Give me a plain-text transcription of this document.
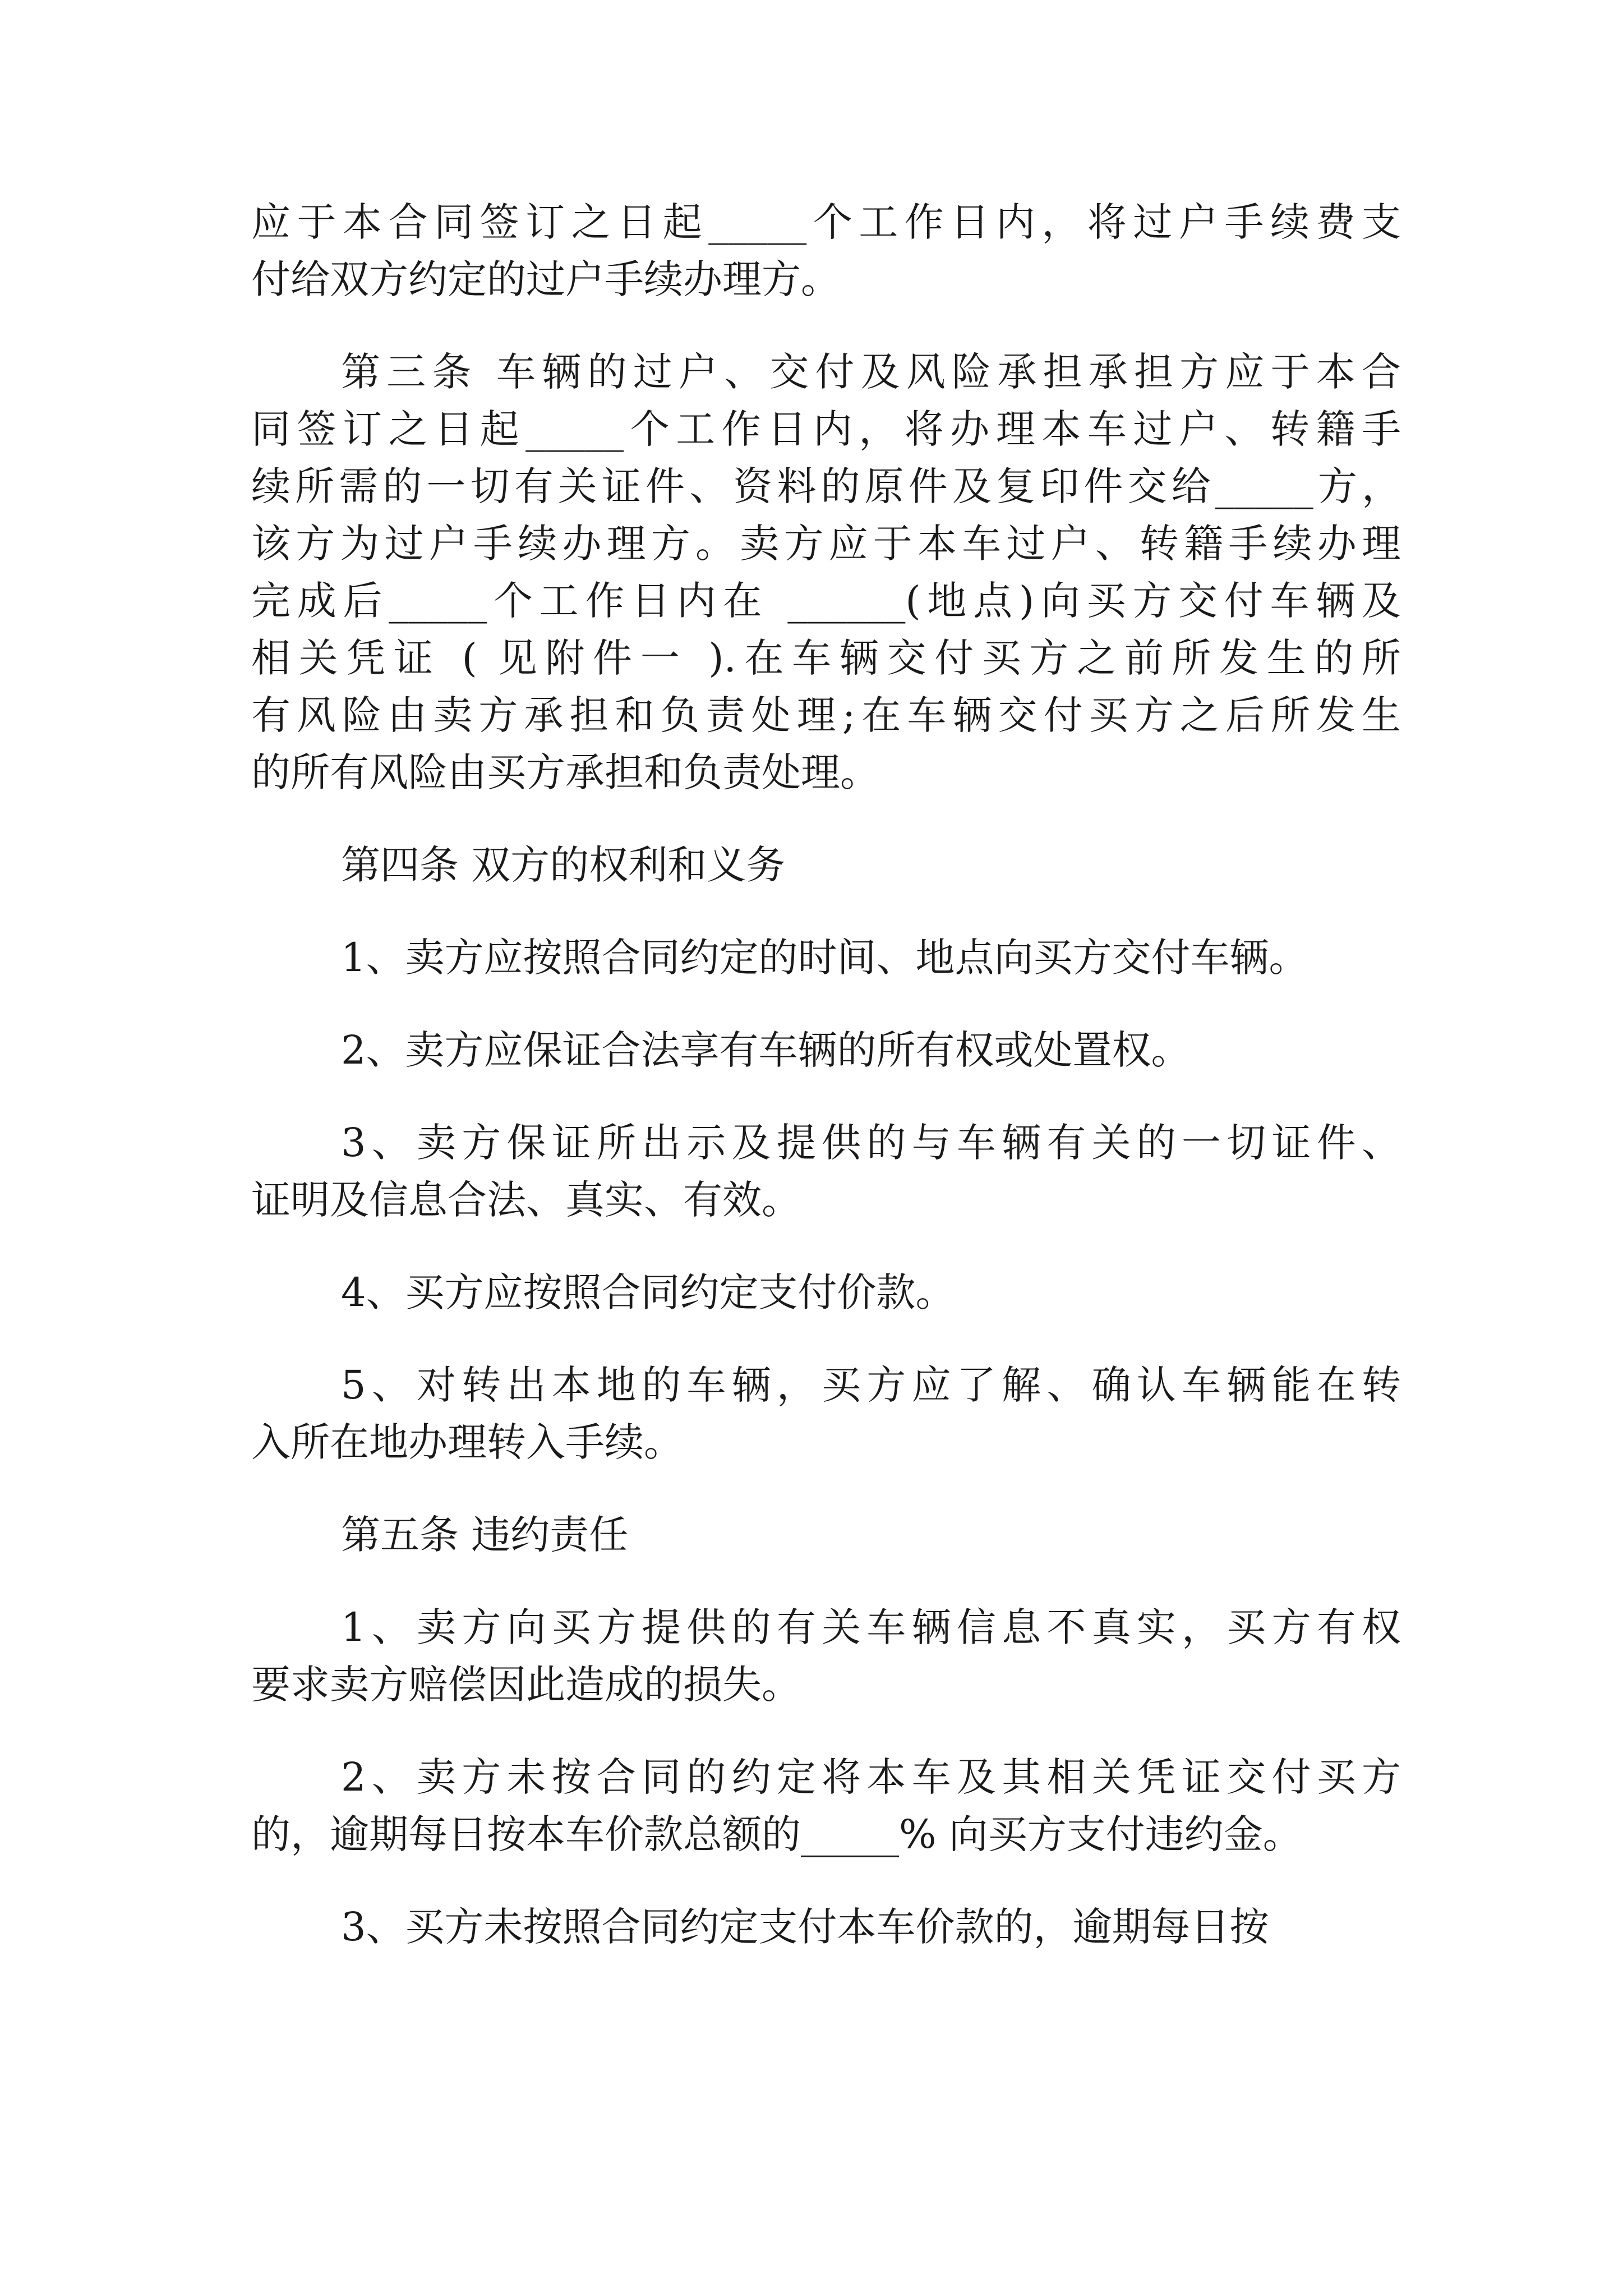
应于本合同签订之日起_____个工作日内，将过户手续费支
付给双方约定的过户手续办理方。
第三条 车辆的过户、交付及风险承担承担方应于本合
同签订之日起_____个工作日内，将办理本车过户、转籍手
续所需的一切有关证件、资料的原件及复印件交给_____方，
该方为过户手续办理方。卖方应于本车过户、转籍手续办理
完成后_____个工作日内在 ______(地点)向买方交付车辆及
相关凭证 ( 见附件一 ).在车辆交付买方之前所发生的所
有风险由卖方承担和负责处理;在车辆交付买方之后所发生
的所有风险由买方承担和负责处理。
第四条 双方的权利和义务
1、卖方应按照合同约定的时间、地点向买方交付车辆。
2、卖方应保证合法享有车辆的所有权或处置权。
3、卖方保证所出示及提供的与车辆有关的一切证件、
证明及信息合法、真实、有效。
4、买方应按照合同约定支付价款。
5、对转出本地的车辆，买方应了解、确认车辆能在转
入所在地办理转入手续。
第五条 违约责任
1、卖方向买方提供的有关车辆信息不真实，买方有权
要求卖方赔偿因此造成的损失。
2、卖方未按合同的约定将本车及其相关凭证交付买方
的，逾期每日按本车价款总额的_____% 向买方支付违约金。
3、买方未按照合同约定支付本车价款的，逾期每日按
